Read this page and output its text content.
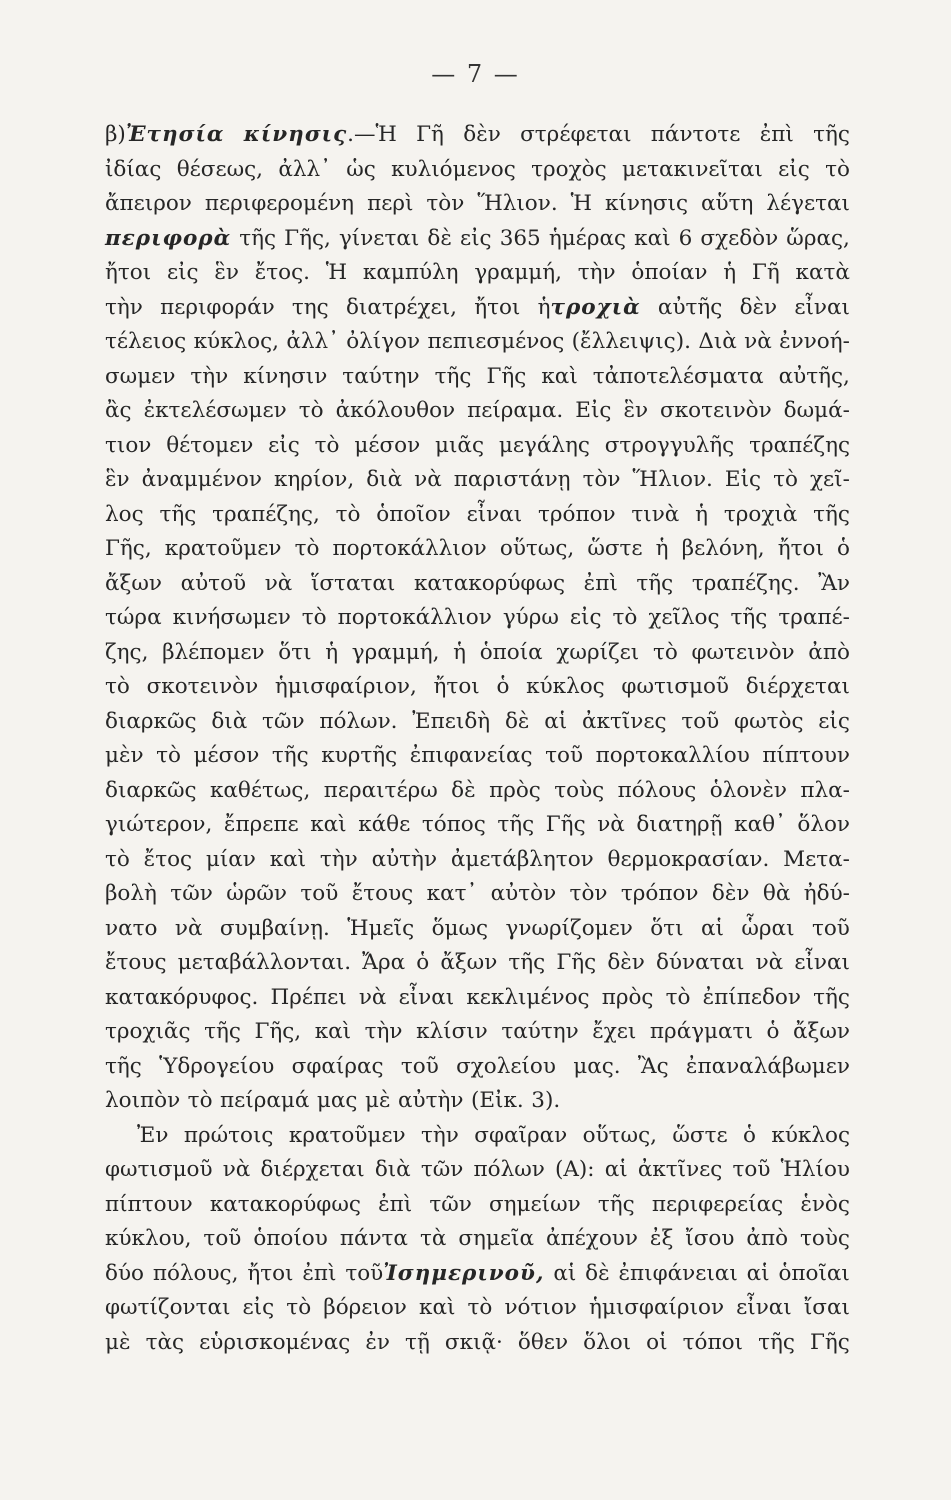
— 7 —
β)Ἐτησία κίνησις.—Ἡ Γῆ δὲν στρέφεται πάντοτε ἐπὶ τῆς
ἰδίας θέσεως, ἀλλ᾿ ὡς κυλιόμενος τροχὸς μετακινεῖται εἰς τὸ
ἄπειρον περιφερομένη περὶ τὸν Ἥλιον. Ἡ κίνησις αὕτη λέγεται
περιφορὰ τῆς Γῆς, γίνεται δὲ εἰς 365 ἡμέρας καὶ 6 σχεδὸν ὥρας,
ἤτοι εἰς ἓν ἔτος. Ἡ καμπύλη γραμμή, τὴν ὁποίαν ἡ Γῆ κατὰ
τὴν περιφοράν της διατρέχει, ἤτοι ἡτροχιὰ αὐτῆς δὲν εἶναι
τέλειος κύκλος, ἀλλ᾿ ὀλίγον πεπιεσμένος (ἔλλειψις). Διὰ νὰ ἐννοή-
σωμεν τὴν κίνησιν ταύτην τῆς Γῆς καὶ τἀποτελέσματα αὐτῆς,
ἂς ἐκτελέσωμεν τὸ ἀκόλουθον πείραμα. Εἰς ἓν σκοτεινὸν δωμά-
τιον θέτομεν εἰς τὸ μέσον μιᾶς μεγάλης στρογγυλῆς τραπέζης
ἓν ἀναμμένον κηρίον, διὰ νὰ παριστάνῃ τὸν Ἥλιον. Εἰς τὸ χεῖ-
λος τῆς τραπέζης, τὸ ὁποῖον εἶναι τρόπον τινὰ ἡ τροχιὰ τῆς
Γῆς, κρατοῦμεν τὸ πορτοκάλλιον οὕτως, ὥστε ἡ βελόνη, ἤτοι ὁ
ἄξων αὐτοῦ νὰ ἵσταται κατακορύφως ἐπὶ τῆς τραπέζης. Ἂν
τώρα κινήσωμεν τὸ πορτοκάλλιον γύρω εἰς τὸ χεῖλος τῆς τραπέ-
ζης, βλέπομεν ὅτι ἡ γραμμή, ἡ ὁποία χωρίζει τὸ φωτεινὸν ἀπὸ
τὸ σκοτεινὸν ἡμισφαίριον, ἤτοι ὁ κύκλος φωτισμοῦ διέρχεται
διαρκῶς διὰ τῶν πόλων. Ἐπειδὴ δὲ αἱ ἀκτῖνες τοῦ φωτὸς εἰς
μὲν τὸ μέσον τῆς κυρτῆς ἐπιφανείας τοῦ πορτοκαλλίου πίπτουν
διαρκῶς καθέτως, περαιτέρω δὲ πρὸς τοὺς πόλους ὁλονὲν πλα-
γιώτερον, ἔπρεπε καὶ κάθε τόπος τῆς Γῆς νὰ διατηρῇ καθ᾿ ὅλον
τὸ ἔτος μίαν καὶ τὴν αὐτὴν ἀμετάβλητον θερμοκρασίαν. Μετα-
βολὴ τῶν ὡρῶν τοῦ ἔτους κατ᾿ αὐτὸν τὸν τρόπον δὲν θὰ ἠδύ-
νατο νὰ συμβαίνῃ. Ἡμεῖς ὅμως γνωρίζομεν ὅτι αἱ ὧραι τοῦ
ἔτους μεταβάλλονται. Ἄρα ὁ ἄξων τῆς Γῆς δὲν δύναται νὰ εἶναι
κατακόρυφος. Πρέπει νὰ εἶναι κεκλιμένος πρὸς τὸ ἐπίπεδον τῆς
τροχιᾶς τῆς Γῆς, καὶ τὴν κλίσιν ταύτην ἔχει πράγματι ὁ ἄξων
τῆς Ὑδρογείου σφαίρας τοῦ σχολείου μας. Ἂς ἐπαναλάβωμεν
λοιπὸν τὸ πείραμά μας μὲ αὐτὴν (Εἰκ. 3).
Ἐν πρώτοις κρατοῦμεν τὴν σφαῖραν οὕτως, ὥστε ὁ κύκλος
φωτισμοῦ νὰ διέρχεται διὰ τῶν πόλων (Α): αἱ ἀκτῖνες τοῦ Ἡλίου
πίπτουν κατακορύφως ἐπὶ τῶν σημείων τῆς περιφερείας ἑνὸς
κύκλου, τοῦ ὁποίου πάντα τὰ σημεῖα ἀπέχουν ἐξ ἴσου ἀπὸ τοὺς
δύο πόλους, ἤτοι ἐπὶ τοῦἸσημερινοῦ, αἱ δὲ ἐπιφάνειαι αἱ ὁποῖαι
φωτίζονται εἰς τὸ βόρειον καὶ τὸ νότιον ἡμισφαίριον εἶναι ἴσαι
μὲ τὰς εὑρισκομένας ἐν τῇ σκιᾷ· ὅθεν ὅλοι οἱ τόποι τῆς Γῆς
